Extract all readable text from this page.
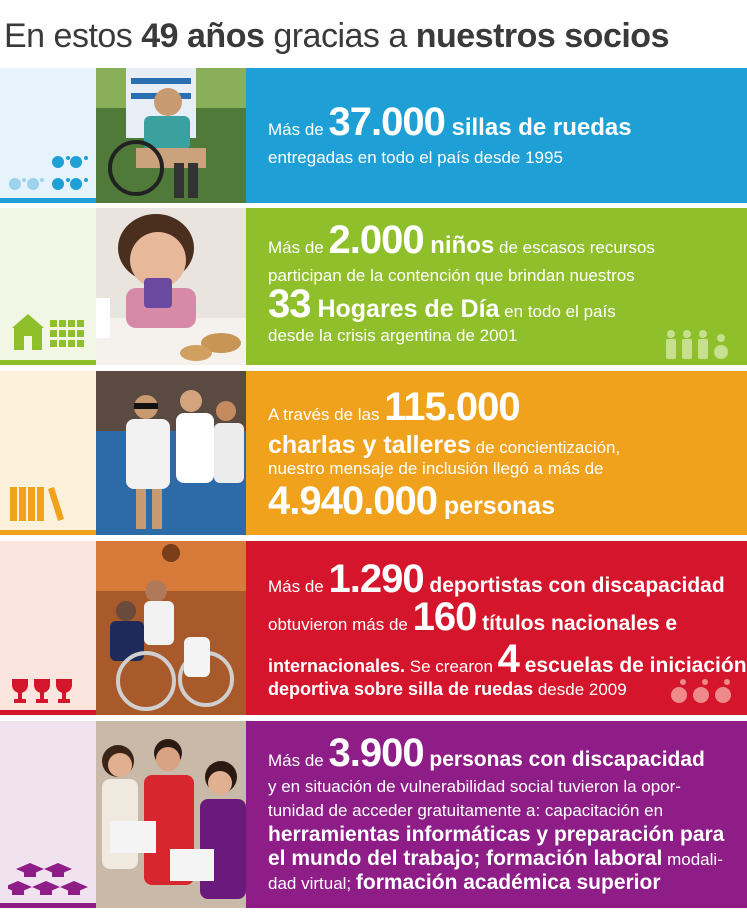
En estos 49 años gracias a nuestros socios
Más de 37.000 sillas de ruedas
entregadas en todo el país desde 1995
Más de 2.000 niños de escasos recursos
participan de la contención que brindan nuestros
33 Hogares de Día en todo el país
desde la crisis argentina de 2001
A través de las 115.000
charlas y talleres de concientización,
nuestro mensaje de inclusión llegó a más de
4.940.000 personas
Más de 1.290 deportistas con discapacidad
obtuvieron más de 160 títulos nacionales e
internacionales. Se crearon 4 escuelas de iniciación
deportiva sobre silla de ruedas desde 2009
Más de 3.900 personas con discapacidad
y en situación de vulnerabilidad social tuvieron la opor-
tunidad de acceder gratuitamente a: capacitación en
herramientas informáticas y preparación para
el mundo del trabajo; formación laboral modali-
dad virtual; formación académica superior
